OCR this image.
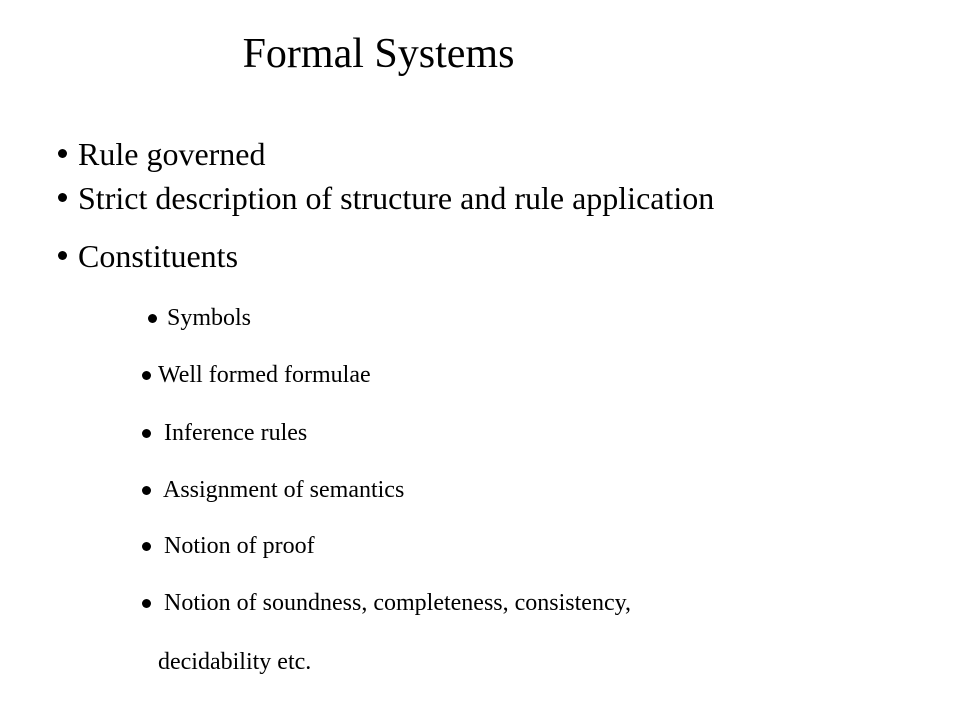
Formal Systems
Rule governed
Strict description of structure and rule application
Constituents
Symbols
Well formed formulae
Inference rules
Assignment of semantics
Notion of proof
Notion of soundness, completeness, consistency,
decidability etc.
